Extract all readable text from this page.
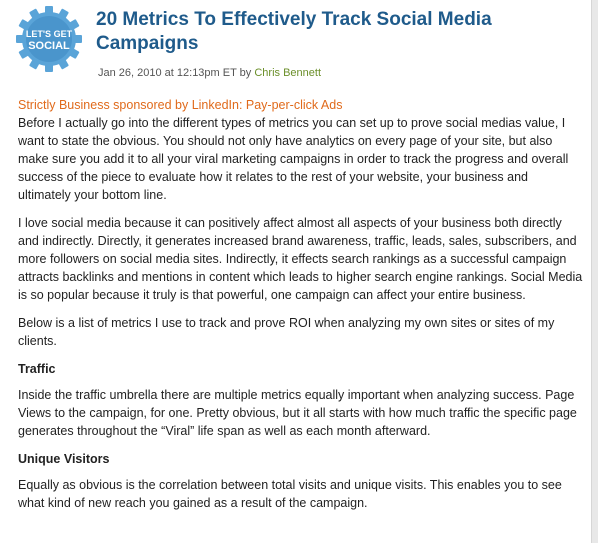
LET'S GET
SOCIAL
20 Metrics To Effectively Track Social Media Campaigns
Jan 26, 2010 at 12:13pm ET by Chris Bennett
Strictly Business sponsored by LinkedIn: Pay-per-click Ads

Before I actually go into the different types of metrics you can set up to prove social medias value, I want to state the obvious. You should not only have analytics on every page of your site, but also make sure you add it to all your viral marketing campaigns in order to track the progress and overall success of the piece to evaluate how it relates to the rest of your website, your business and ultimately your bottom line.

I love social media because it can positively affect almost all aspects of your business both directly and indirectly. Directly, it generates increased brand awareness, traffic, leads, sales, subscribers, and more followers on social media sites. Indirectly, it effects search rankings as a successful campaign attracts backlinks and mentions in content which leads to higher search engine rankings. Social Media is so popular because it truly is that powerful, one campaign can affect your entire business.

Below is a list of metrics I use to track and prove ROI when analyzing my own sites or sites of my clients.

Traffic

Inside the traffic umbrella there are multiple metrics equally important when analyzing success. Page Views to the campaign, for one. Pretty obvious, but it all starts with how much traffic the specific page generates throughout the “Viral” life span as well as each month afterward.

Unique Visitors

Equally as obvious is the correlation between total visits and unique visits. This enables you to see what kind of new reach you gained as a result of the campaign.
